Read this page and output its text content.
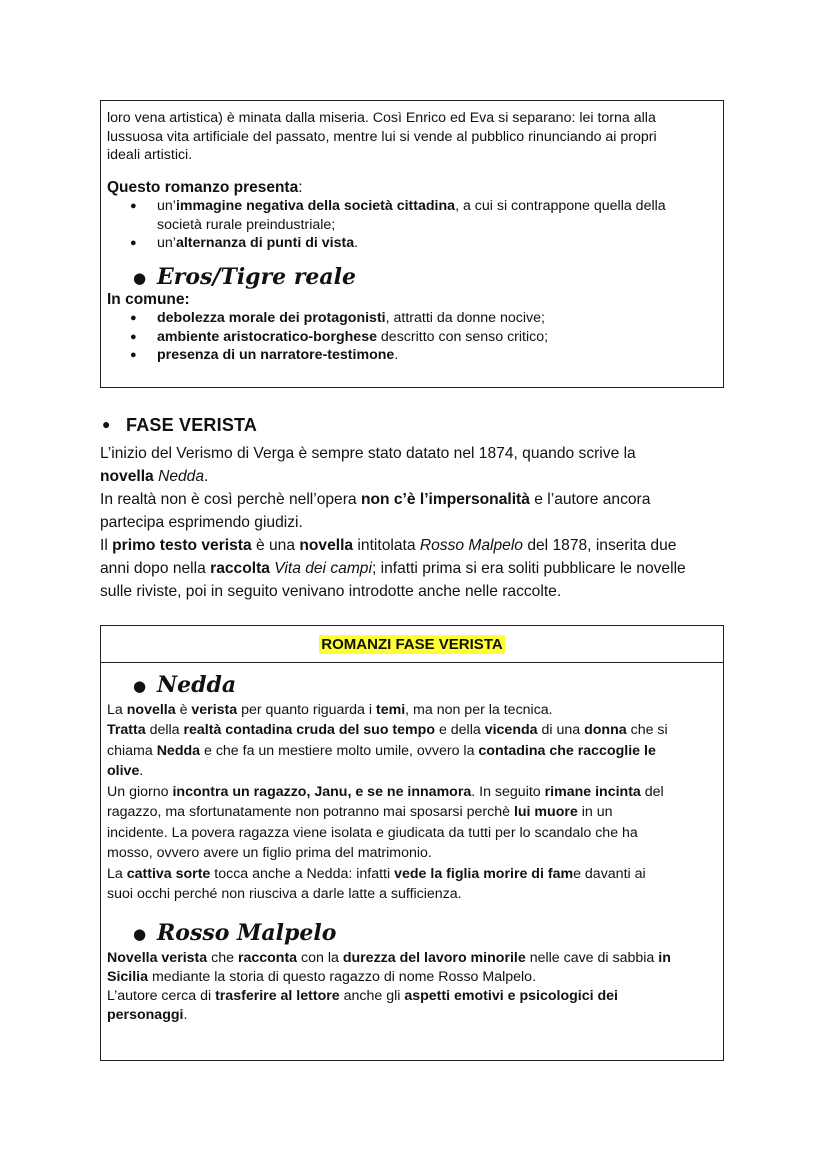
loro vena artistica) è minata dalla miseria. Così Enrico ed Eva si separano: lei torna alla

lussuosa vita artificiale del passato, mentre lui si vende al pubblico rinunciando ai propri

ideali artistici.

Questo romanzo presenta:

● un’immagine negativa della società cittadina, a cui si contrappone quella della
società rurale preindustriale;
● un’alternanza di punti di vista.

● Eros/Tigre reale

In comune:

● debolezza morale dei protagonisti, attratti da donne nocive;
● ambiente aristocratico-borghese descritto con senso critico;
● presenza di un narratore-testimone.
● FASE VERISTA

L’inizio del Verismo di Verga è sempre stato datato nel 1874, quando scrive la

novella Nedda.

In realtà non è così perchè nell’opera non c’è l’impersonalità e l’autore ancora

partecipa esprimendo giudizi.

Il primo testo verista è una novella intitolata Rosso Malpelo del 1878, inserita due

anni dopo nella raccolta Vita dei campi; infatti prima si era soliti pubblicare le novelle

sulle riviste, poi in seguito venivano introdotte anche nelle raccolte.

ROMANZI FASE VERISTA

● Nedda

La novella è verista per quanto riguarda i temi, ma non per la tecnica.

Tratta della realtà contadina cruda del suo tempo e della vicenda di una donna che si

chiama Nedda e che fa un mestiere molto umile, ovvero la contadina che raccoglie le

olive.

Un giorno incontra un ragazzo, Janu, e se ne innamora. In seguito rimane incinta del

ragazzo, ma sfortunatamente non potranno mai sposarsi perchè lui muore in un

incidente. La povera ragazza viene isolata e giudicata da tutti per lo scandalo che ha

mosso, ovvero avere un figlio prima del matrimonio.

La cattiva sorte tocca anche a Nedda: infatti vede la figlia morire di fame davanti ai

suoi occhi perché non riusciva a darle latte a sufficienza.

● Rosso Malpelo

Novella verista che racconta con la durezza del lavoro minorile nelle cave di sabbia in

Sicilia mediante la storia di questo ragazzo di nome Rosso Malpelo.

L’autore cerca di trasferire al lettore anche gli aspetti emotivi e psicologici dei

personaggi.
